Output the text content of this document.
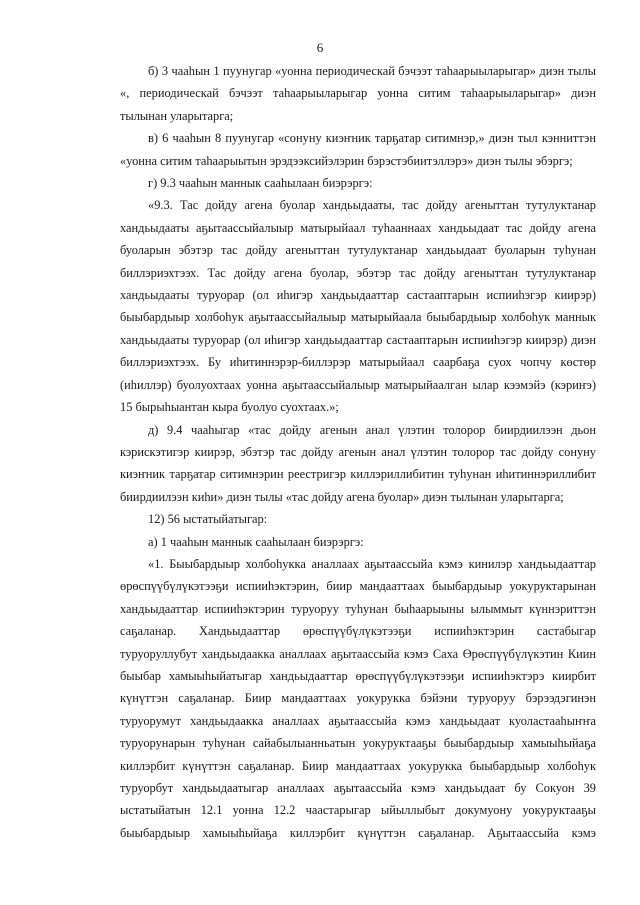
6

б) 3 чааһын 1 пуунугар «уонна периодическай бэчээт таһаарыыларыгар» диэн тылы «, периодическай бэчээт таһаарыыларыгар уонна ситим таһаарыыларыгар» диэн тылынан уларытарга;

в) 6 чааһын 8 пуунугар «сонуну киэҥник тарҕатар ситимнэр,» диэн тыл кэнниттэн «уонна ситим таһаарыытын эрэдээксийэлэрин бэрэстэбиитэллэрэ» диэн тылы эбэргэ;

г) 9.3 чааһын маннык сааһылаан биэрэргэ:

«9.3. Тас дойду агена буолар хандьыдааты, тас дойду агеныттан тутулуктанар хандьыдааты аҕытаассыйалыыр матырыйаал туһааннаах хандьыдаат тас дойду агена буоларын эбэтэр тас дойду агеныттан тутулуктанар хандьыдаат буоларын туһунан биллэриэхтээх. Тас дойду агена буолар, эбэтэр тас дойду агеныттан тутулуктанар хандьыдааты туруорар (ол иһигэр хандьыдааттар састааптарын испииһэгэр киирэр) быыбардыыр холбоһук аҕытаассыйалыыр матырыйаала быыбардыыр холбоһук маннык хандьыдааты туруорар (ол иһигэр хандьыдааттар састааптарын испииһэгэр киирэр) диэн биллэриэхтээх. Бу иһитиннэрэр-биллэрэр матырыйаал саарбаҕа суох чопчу көстөр (иһиллэр) буолуохтаах уонна аҕытаассыйалыыр матырыйаалган ылар кээмэйэ (кэриҥэ) 15 бырыһыантан кыра буолуо суохтаах.»;

д) 9.4 чааһыгар «тас дойду агенын анал үлэтин толорор биирдиилээн дьон кэрискэтигэр киирэр, эбэтэр тас дойду агенын анал үлэтин толорор тас дойду сонуну киэҥник тарҕатар ситимнэрин реестригэр киллэриллибитин туһунан иһитиннэриллибит биирдиилээн киһи» диэн тылы «тас дойду агена буолар» диэн тылынан уларытарга;

12) 56 ыстатыйатыгар:

а) 1 чааһын маннык сааһылаан биэрэргэ:

«1. Быыбардыыр холбоһукка аналлаах аҕытаассыйа кэмэ кинилэр хандьыдааттар өрөспүүбүлүкэтээҕи испииһэктэрин, биир мандааттаах быыбардыыр уокуруктарынан хандьыдааттар испииһэктэрин туруоруу туһунан быһаарыыны ылыммыт күннэриттэн саҕаланар. Хандьыдааттар өрөспүүбүлүкэтээҕи испииһэктэрин састабыгар туруоруллубут хандьыдаакка аналлаах аҕытаассыйа кэмэ Саха Өрөспүүбүлүкэтин Киин быыбар хамыыһыйатыгар хандьыдааттар өрөспүүбүлүкэтээҕи испииһэктэрэ киирбит күнүттэн саҕаланар. Биир мандааттаах уокурукка бэйэни туруоруу бэрээдэгинэн туруорумут хандьыдаакка аналлаах аҕытаассыйа кэмэ хандьыдаат куоластааһыҥҥа туруорунарын туһунан сайабылыанньатын уокуруктааҕы быыбардыыр хамыыһыйаҕа киллэрбит күнүттэн саҕаланар. Биир мандааттаах уокурукка быыбардыыр холбоһук туруорбут хандьыдаатыгар аналлаах аҕытаассыйа кэмэ хандьыдаат бу Сокуон 39 ыстатыйатын 12.1 уонна 12.2 чаастарыгар ыйыллыбыт докумуону уокуруктааҕы быыбардыыр хамыыһыйаҕа киллэрбит күнүттэн саҕаланар. Аҕытаассыйа кэмэ
